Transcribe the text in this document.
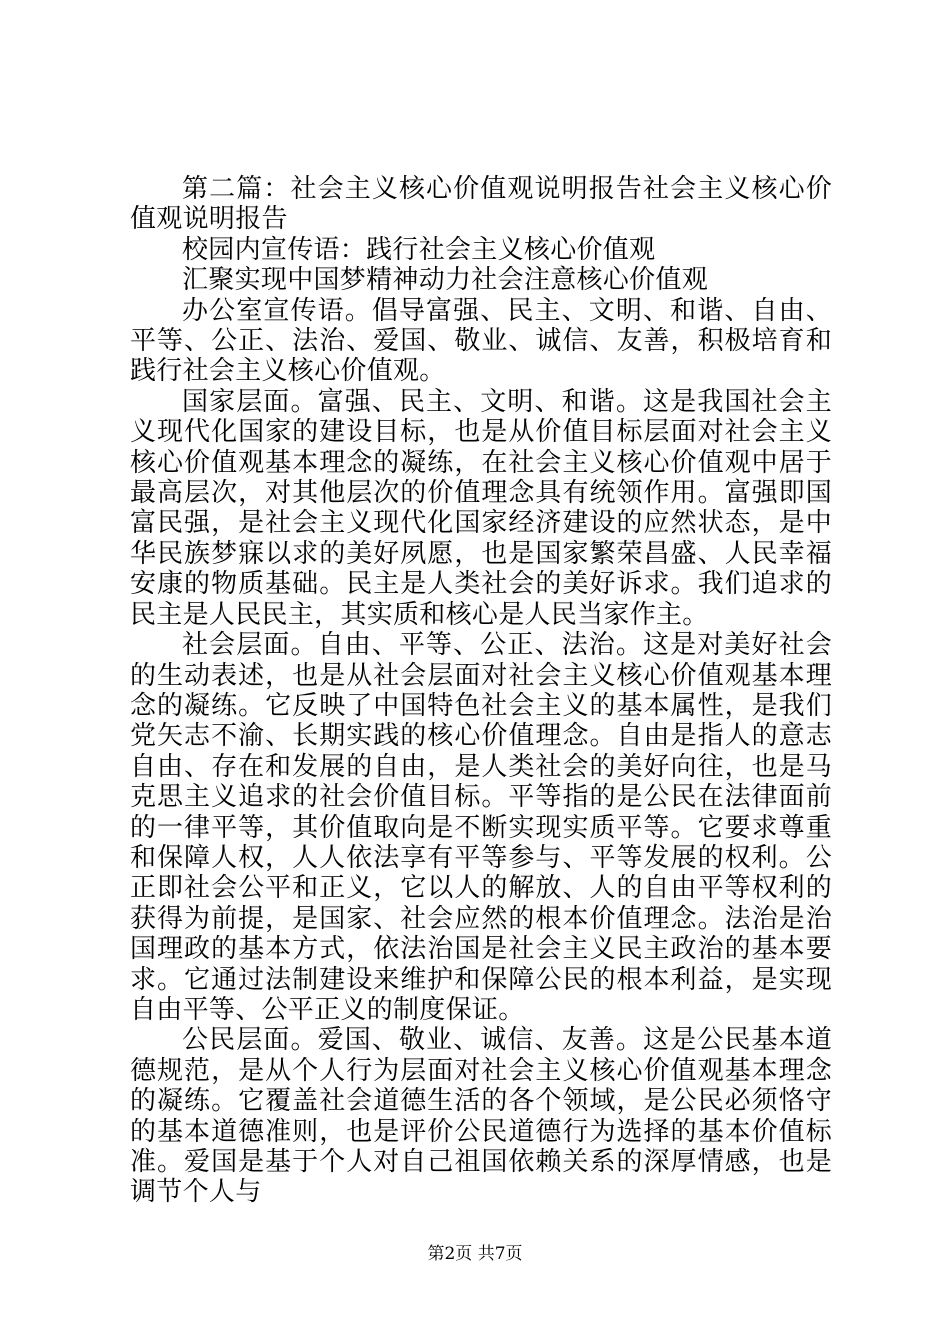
第二篇：社会主义核心价值观说明报告社会主义核心价值观说明报告

校园内宣传语：践行社会主义核心价值观

汇聚实现中国梦精神动力社会注意核心价值观

办公室宣传语。倡导富强、民主、文明、和谐、自由、平等、公正、法治、爱国、敬业、诚信、友善，积极培育和践行社会主义核心价值观。

国家层面。富强、民主、文明、和谐。这是我国社会主义现代化国家的建设目标，也是从价值目标层面对社会主义核心价值观基本理念的凝练，在社会主义核心价值观中居于最高层次，对其他层次的价值理念具有统领作用。富强即国富民强，是社会主义现代化国家经济建设的应然状态，是中华民族梦寐以求的美好夙愿，也是国家繁荣昌盛、人民幸福安康的物质基础。民主是人类社会的美好诉求。我们追求的民主是人民民主，其实质和核心是人民当家作主。

社会层面。自由、平等、公正、法治。这是对美好社会的生动表述，也是从社会层面对社会主义核心价值观基本理念的凝练。它反映了中国特色社会主义的基本属性，是我们党矢志不渝、长期实践的核心价值理念。自由是指人的意志自由、存在和发展的自由，是人类社会的美好向往，也是马克思主义追求的社会价值目标。平等指的是公民在法律面前的一律平等，其价值取向是不断实现实质平等。它要求尊重和保障人权，人人依法享有平等参与、平等发展的权利。公正即社会公平和正义，它以人的解放、人的自由平等权利的获得为前提，是国家、社会应然的根本价值理念。法治是治国理政的基本方式，依法治国是社会主义民主政治的基本要求。它通过法制建设来维护和保障公民的根本利益，是实现自由平等、公平正义的制度保证。

公民层面。爱国、敬业、诚信、友善。这是公民基本道德规范，是从个人行为层面对社会主义核心价值观基本理念的凝练。它覆盖社会道德生活的各个领域，是公民必须恪守的基本道德准则，也是评价公民道德行为选择的基本价值标准。爱国是基于个人对自己祖国依赖关系的深厚情感，也是调节个人与

第2页 共7页
